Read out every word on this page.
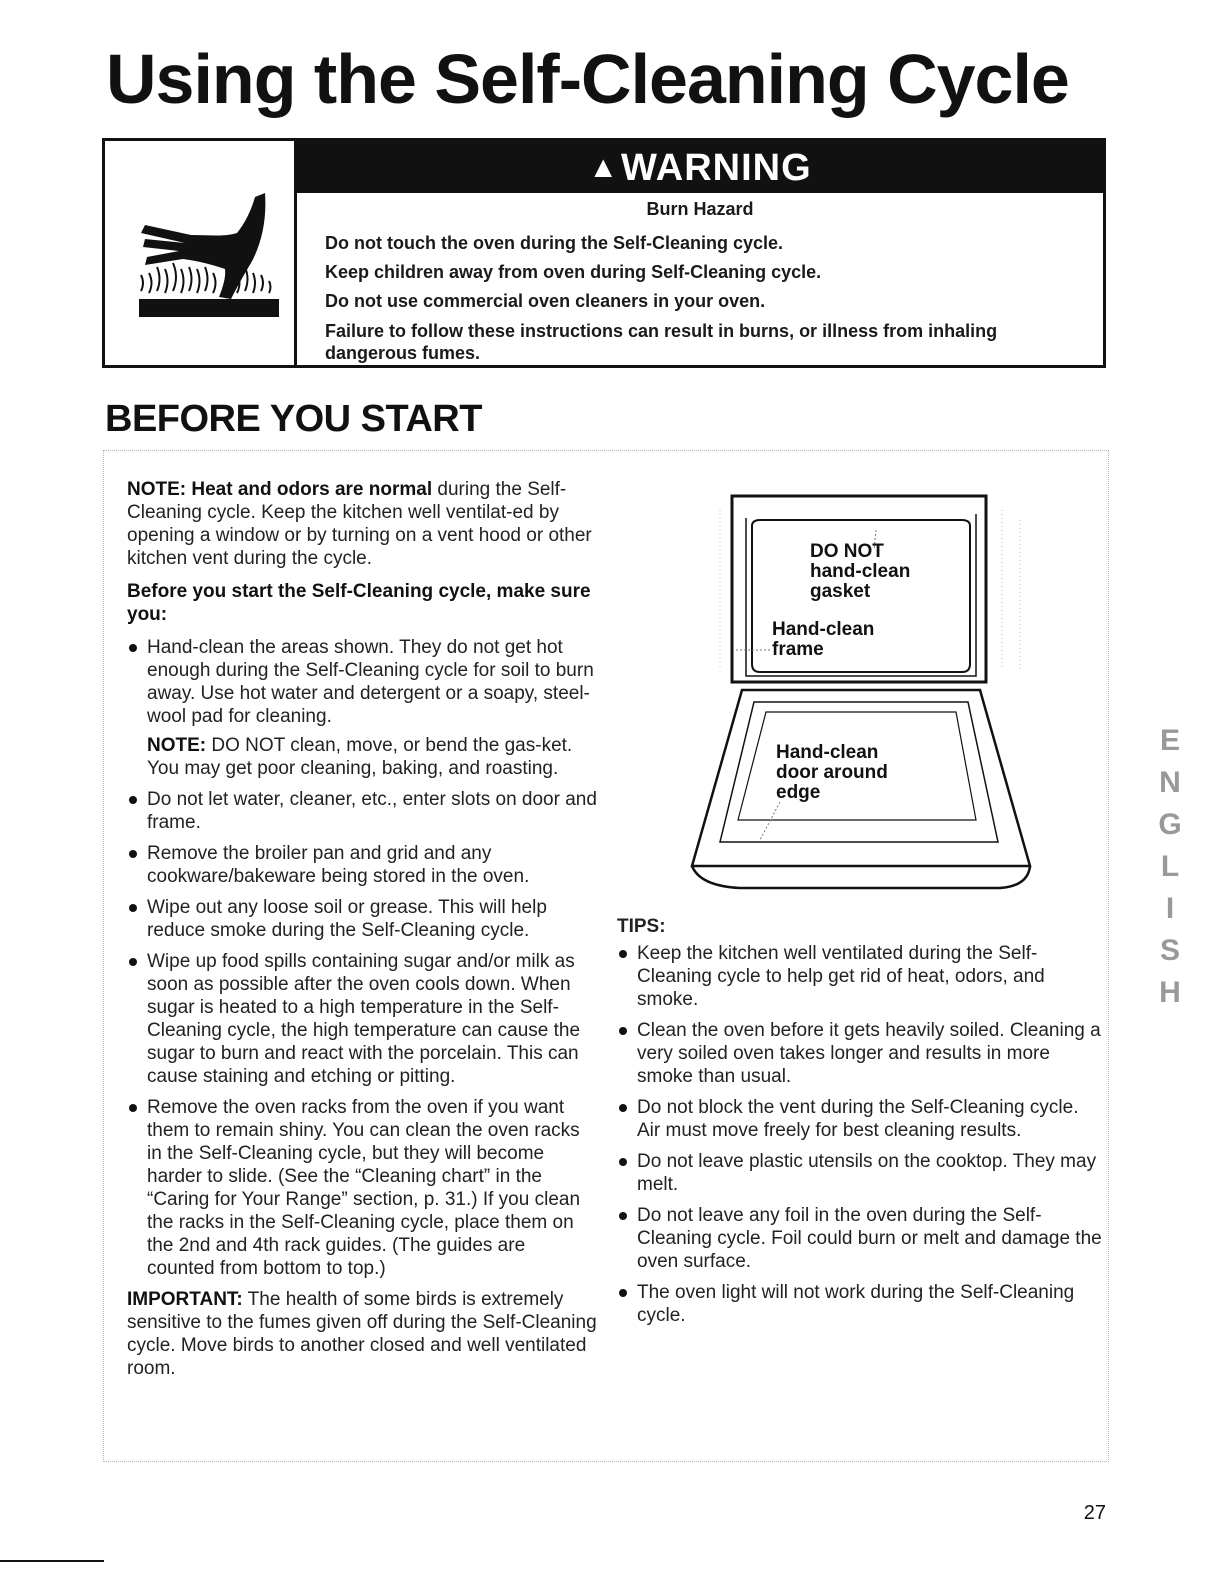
Using the Self-Cleaning Cycle
▲WARNING
Burn Hazard
Do not touch the oven during the Self-Cleaning cycle.
Keep children away from oven during Self-Cleaning cycle.
Do not use commercial oven cleaners in your oven.
Failure to follow these instructions can result in burns, or illness from inhaling dangerous fumes.
BEFORE YOU START

NOTE: Heat and odors are normal during the Self-Cleaning cycle. Keep the kitchen well ventilat-ed by opening a window or by turning on a vent hood or other kitchen vent during the cycle.

Before you start the Self-Cleaning cycle, make sure you:

Hand-clean the areas shown. They do not get hot enough during the Self-Cleaning cycle for soil to burn away. Use hot water and detergent or a soapy, steel-wool pad for cleaning.
NOTE: DO NOT clean, move, or bend the gas-ket. You may get poor cleaning, baking, and roasting.
Do not let water, cleaner, etc., enter slots on door and frame.
Remove the broiler pan and grid and any cookware/bakeware being stored in the oven.
Wipe out any loose soil or grease. This will help reduce smoke during the Self-Cleaning cycle.
Wipe up food spills containing sugar and/or milk as soon as possible after the oven cools down. When sugar is heated to a high temperature in the Self-Cleaning cycle, the high temperature can cause the sugar to burn and react with the porcelain. This can cause staining and etching or pitting.
Remove the oven racks from the oven if you want them to remain shiny. You can clean the oven racks in the Self-Cleaning cycle, but they will become harder to slide. (See the “Cleaning chart” in the “Caring for Your Range” section, p. 31.) If you clean the racks in the Self-Cleaning cycle, place them on the 2nd and 4th rack guides. (The guides are counted from bottom to top.)

IMPORTANT: The health of some birds is extremely sensitive to the fumes given off during the Self-Cleaning cycle. Move birds to another closed and well ventilated room.

DO NOT
hand-clean
gasket
Hand-clean
frame
Hand-clean
door around
edge
TIPS:
Keep the kitchen well ventilated during the Self-Cleaning cycle to help get rid of heat, odors, and smoke.
Clean the oven before it gets heavily soiled. Cleaning a very soiled oven takes longer and results in more smoke than usual.
Do not block the vent during the Self-Cleaning cycle. Air must move freely for best cleaning results.
Do not leave plastic utensils on the cooktop. They may melt.
Do not leave any foil in the oven during the Self-Cleaning cycle. Foil could burn or melt and damage the oven surface.
The oven light will not work during the Self-Cleaning cycle.
E
N
G
L
I
S
H
27
